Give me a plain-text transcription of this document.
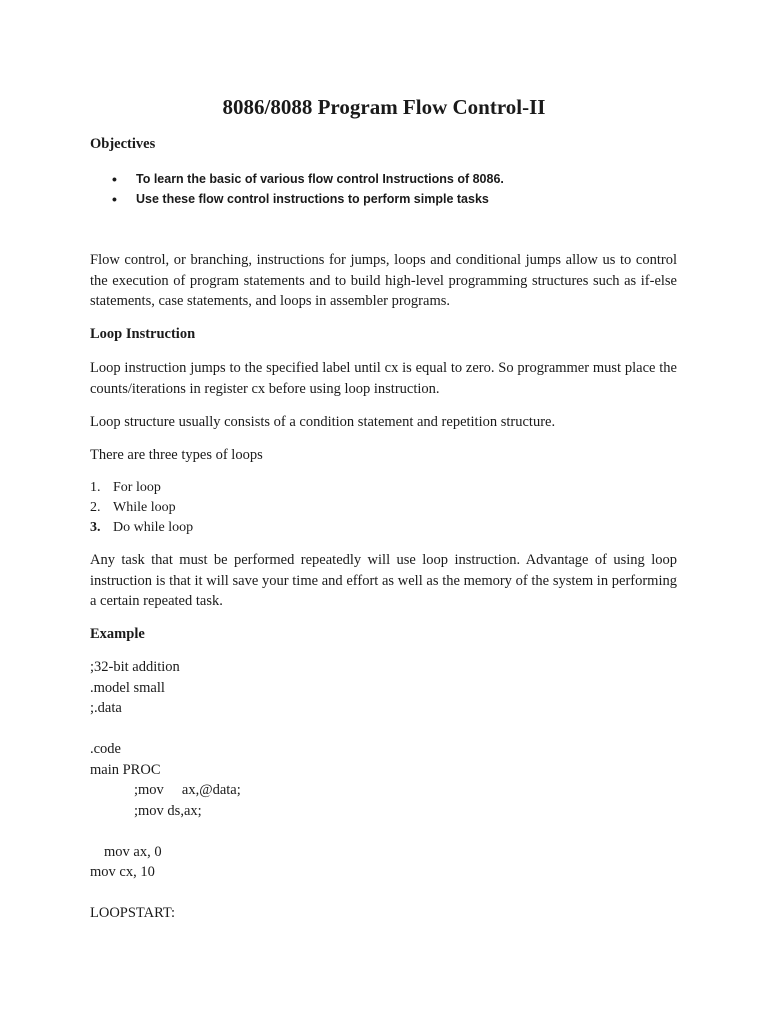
8086/8088 Program Flow Control-II
Objectives
• To learn the basic of various flow control Instructions of 8086.
• Use these flow control instructions to perform simple tasks

Flow control, or branching, instructions for jumps, loops and conditional jumps allow us to control the execution of program statements and to build high-level programming structures such as if-else statements, case statements, and loops in assembler programs.

Loop Instruction

Loop instruction jumps to the specified label until cx is equal to zero. So programmer must place the counts/iterations in register cx before using loop instruction.

Loop structure usually consists of a condition statement and repetition structure.

There are three types of loops

1. For loop
2. While loop
3. Do while loop

Any task that must be performed repeatedly will use loop instruction. Advantage of using loop instruction is that it will save your time and effort as well as the memory of the system in performing a certain repeated task.

Example
;32-bit addition
.model small
;.data
.code
main PROC
;mov     ax,@data;
;mov ds,ax;
mov ax, 0
mov cx, 10
LOOPSTART:
